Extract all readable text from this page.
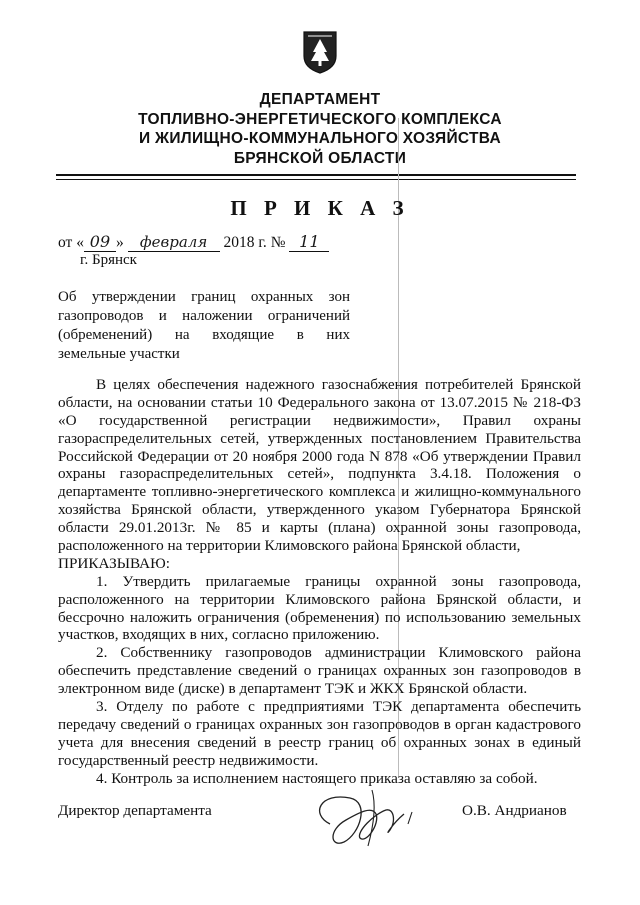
ДЕПАРТАМЕНТ
ТОПЛИВНО-ЭНЕРГЕТИЧЕСКОГО КОМПЛЕКСА
И ЖИЛИЩНО-КОММУНАЛЬНОГО ХОЗЯЙСТВА
БРЯНСКОЙ ОБЛАСТИ
П Р И К А З
от « 09 » февраля 2018 г. № 11
г. Брянск
Об утверждении границ охранных зон
газопроводов и наложении ограничений
(обременений) на входящие в них
земельные участки
В целях обеспечения надежного газоснабжения потребителей Брянской
области, на основании статьи 10 Федерального закона от 13.07.2015 № 218-ФЗ
«О государственной регистрации недвижимости», Правил охраны
газораспределительных сетей, утвержденных постановлением Правительства
Российской Федерации от 20 ноября 2000 года N 878 «Об утверждении Правил
охраны газораспределительных сетей», подпункта 3.4.18. Положения о
департаменте топливно-энергетического комплекса и жилищно-коммунального
хозяйства Брянской области, утвержденного указом Губернатора Брянской
области 29.01.2013г. № 85 и карты (плана) охранной зоны газопровода,
расположенного на территории Климовского района Брянской области,
ПРИКАЗЫВАЮ:
1. Утвердить прилагаемые границы охранной зоны газопровода,
расположенного на территории Климовского района Брянской области, и
бессрочно наложить ограничения (обременения) по использованию земельных
участков, входящих в них, согласно приложению.
2. Собственнику газопроводов администрации Климовского района
обеспечить представление сведений о границах охранных зон газопроводов в
электронном виде (диске) в департамент ТЭК и ЖКХ Брянской области.
3. Отделу по работе с предприятиями ТЭК департамента обеспечить
передачу сведений о границах охранных зон газопроводов в орган кадастрового
учета для внесения сведений в реестр границ об охранных зонах в единый
государственный реестр недвижимости.
4. Контроль за исполнением настоящего приказа оставляю за собой.
Директор департамента	О.В. Андрианов
